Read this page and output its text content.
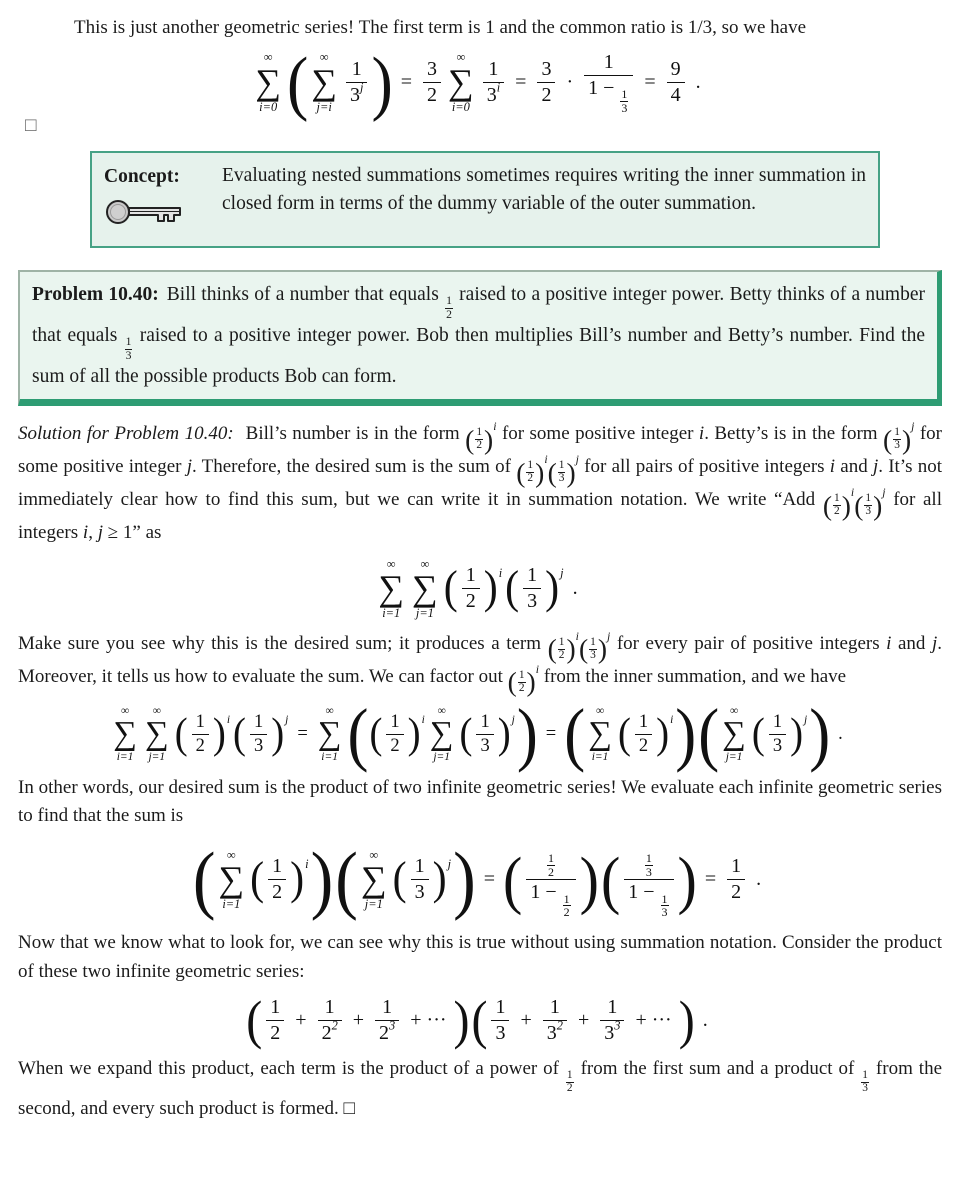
This is just another geometric series! The first term is 1 and the common ratio is 1/3, so we have

∞
∑
i=0 ( ∞
∑
j=i
$\frac{1}{3^j}$ ) = $\frac{3}{2}$
∞
∑
i=0
$\frac{1}{3^i} = \frac{3}{2} \cdot 1$
1 −
$\frac{1}{3} = \frac{9}{4}$ .
□
Concept:	Evaluating nested summations sometimes requires writing the inner summation in closed form in terms of the dummy variable of the outer summation.
Problem 10.40: Bill thinks of a number that equals
$\frac{1}{2}$
raised to a positive integer power. Betty thinks of a number that equals
$\frac{1}{3}$
raised to a positive integer power. Bob then multiplies Bill’s number and Betty’s number. Find the sum of all the possible products Bob can form.

Solution for Problem 10.40: Bill’s number is in the form ( 1
2 ) $^i$ for some positive integer i. Betty’s is in the form ( 1
3 ) $^j$ for some positive integer j. Therefore, the desired sum is the sum of ( 1
2 ) $^i$ ( 1
3 ) $^j$ for all pairs of positive integers i and j. It’s not immediately clear how to find this sum, but we can write it in summation notation. We write “Add ( 1
2 ) $^i$ ( 1
3 ) $^j$ for all integers i, j ≥ 1” as

∞
∑
i=1
∞
∑
j=1 ( $\frac{1}{2}$ ) i ( $\frac{1}{3}$ ) j
.

Make sure you see why this is the desired sum; it produces a term ( 1
2 ) $^i$ ( 1
3 ) $^j$ for every pair of positive integers i and j. Moreover, it tells us how to evaluate the sum. We can factor out ( 1
2 ) $^i$ from the inner summation, and we have

∞
∑
i=1
∞
∑
j=1 ( $\frac{1}{2}$ ) i ( $\frac{1}{3}$ ) j
=
∞
∑
i=1 ( ( $\frac{1}{2}$ ) i
∞
∑
j=1 ( $\frac{1}{3}$ ) j ) = ( ∞
∑
i=1 ( $\frac{1}{2}$ ) i ) ( ∞
∑
j=1 ( $\frac{1}{3}$ ) j ) .

In other words, our desired sum is the product of two infinite geometric series! We evaluate each infinite geometric series to find that the sum is

( ∞
∑
i=1 ( $\frac{1}{2}$ ) i ) ( ∞
∑
j=1 ( $\frac{1}{3}$ ) j ) = ( $\frac{1}{2}$
1 −
$\frac{1}{2}$ ) ( $\frac{1}{3}$
1 −
$\frac{1}{3}$ ) = $\frac{1}{2}$ .

Now that we know what to look for, we can see why this is true without using summation notation. Consider the product of these two infinite geometric series:

( $\frac{1}{2} + \frac{1}{2^2} + \frac{1}{2^3}$ + ··· ) ( $\frac{1}{3} + \frac{1}{3^2} + \frac{1}{3^3}$ + ··· ) .

When we expand this product, each term is the product of a power of
$\frac{1}{2}$
from the first sum and a product of
$\frac{1}{3}$
from the second, and every such product is formed. □
